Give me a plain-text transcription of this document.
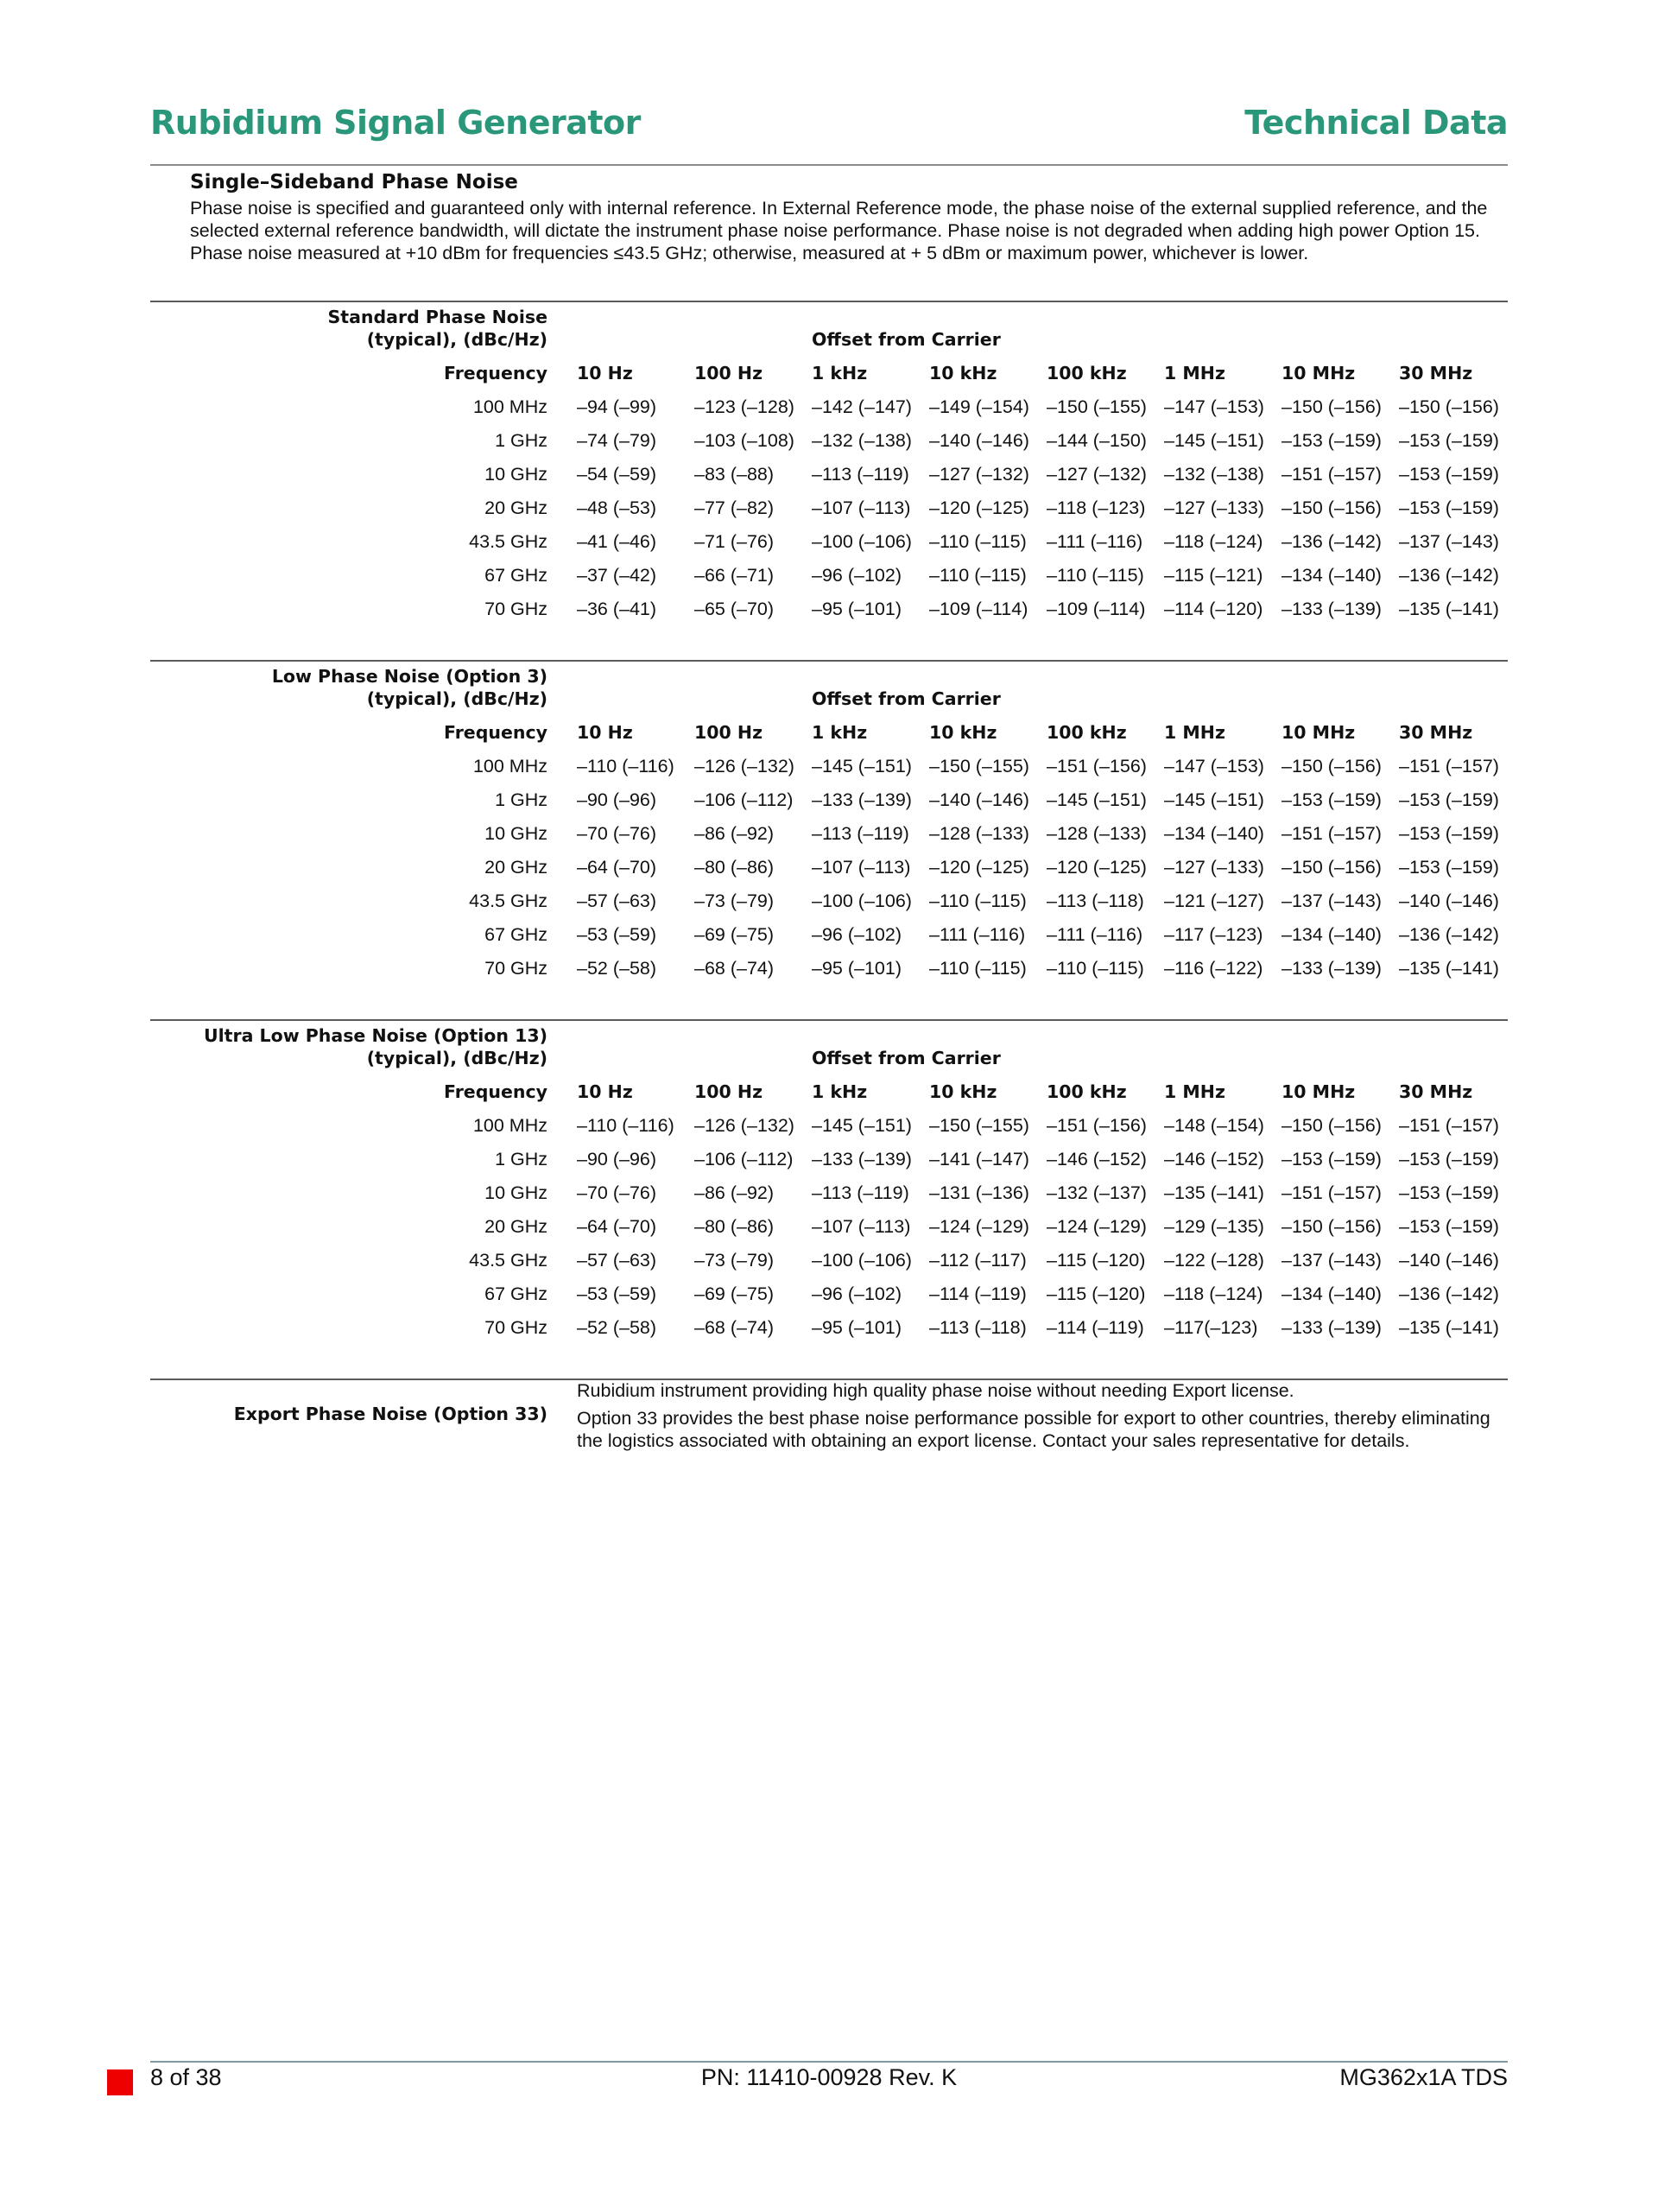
Rubidium Signal Generator	Technical Data
Single–Sideband Phase Noise

Phase noise is specified and guaranteed only with internal reference. In External Reference mode, the phase noise of the external supplied reference, and the selected external reference bandwidth, will dictate the instrument phase noise performance. Phase noise is not degraded when adding high power Option 15. Phase noise measured at +10 dBm for frequencies ≤43.5 GHz; otherwise, measured at + 5 dBm or maximum power, whichever is lower.

Standard Phase Noise
(typical), (dBc/Hz)	Offset from Carrier
Frequency 10 Hz	100 Hz	1 kHz	10 kHz	100 kHz 1 MHz	10 MHz 30 MHz
100 MHz –94 (–99) –123 (–128) –142 (–147) –149 (–154) –150 (–155) –147 (–153) –150 (–156) –150 (–156)
1 GHz –74 (–79) –103 (–108) –132 (–138) –140 (–146) –144 (–150) –145 (–151) –153 (–159) –153 (–159)
10 GHz –54 (–59) –83 (–88) –113 (–119) –127 (–132) –127 (–132) –132 (–138) –151 (–157) –153 (–159)
20 GHz –48 (–53) –77 (–82) –107 (–113) –120 (–125) –118 (–123) –127 (–133) –150 (–156) –153 (–159)
43.5 GHz –41 (–46) –71 (–76) –100 (–106) –110 (–115) –111 (–116) –118 (–124) –136 (–142) –137 (–143)
67 GHz –37 (–42) –66 (–71) –96 (–102) –110 (–115) –110 (–115) –115 (–121) –134 (–140) –136 (–142)
70 GHz –36 (–41) –65 (–70) –95 (–101) –109 (–114) –109 (–114) –114 (–120) –133 (–139) –135 (–141)
Low Phase Noise (Option 3)
(typical), (dBc/Hz)	Offset from Carrier
Frequency 10 Hz	100 Hz	1 kHz	10 kHz	100 kHz 1 MHz	10 MHz 30 MHz
100 MHz –110 (–116) –126 (–132) –145 (–151) –150 (–155) –151 (–156) –147 (–153) –150 (–156) –151 (–157)
1 GHz –90 (–96) –106 (–112) –133 (–139) –140 (–146) –145 (–151) –145 (–151) –153 (–159) –153 (–159)
10 GHz –70 (–76) –86 (–92) –113 (–119) –128 (–133) –128 (–133) –134 (–140) –151 (–157) –153 (–159)
20 GHz –64 (–70) –80 (–86) –107 (–113) –120 (–125) –120 (–125) –127 (–133) –150 (–156) –153 (–159)
43.5 GHz –57 (–63) –73 (–79) –100 (–106) –110 (–115) –113 (–118) –121 (–127) –137 (–143) –140 (–146)
67 GHz –53 (–59) –69 (–75) –96 (–102) –111 (–116) –111 (–116) –117 (–123) –134 (–140) –136 (–142)
70 GHz –52 (–58) –68 (–74) –95 (–101) –110 (–115) –110 (–115) –116 (–122) –133 (–139) –135 (–141)
Ultra Low Phase Noise (Option 13)
(typical), (dBc/Hz)	Offset from Carrier
Frequency 10 Hz	100 Hz	1 kHz	10 kHz	100 kHz 1 MHz	10 MHz 30 MHz
100 MHz –110 (–116) –126 (–132) –145 (–151) –150 (–155) –151 (–156) –148 (–154) –150 (–156) –151 (–157)
1 GHz –90 (–96) –106 (–112) –133 (–139) –141 (–147) –146 (–152) –146 (–152) –153 (–159) –153 (–159)
10 GHz –70 (–76) –86 (–92) –113 (–119) –131 (–136) –132 (–137) –135 (–141) –151 (–157) –153 (–159)
20 GHz –64 (–70) –80 (–86) –107 (–113) –124 (–129) –124 (–129) –129 (–135) –150 (–156) –153 (–159)
43.5 GHz –57 (–63) –73 (–79) –100 (–106) –112 (–117) –115 (–120) –122 (–128) –137 (–143) –140 (–146)
67 GHz –53 (–59) –69 (–75) –96 (–102) –114 (–119) –115 (–120) –118 (–124) –134 (–140) –136 (–142)
70 GHz –52 (–58) –68 (–74) –95 (–101) –113 (–118) –114 (–119) –117(–123) –133 (–139) –135 (–141)
Export Phase Noise (Option 33)

Rubidium instrument providing high quality phase noise without needing Export license.

Option 33 provides the best phase noise performance possible for export to other countries, thereby eliminating the logistics associated with obtaining an export license. Contact your sales representative for details.

8 of 38	PN: 11410-00928 Rev. K	MG362x1A TDS
